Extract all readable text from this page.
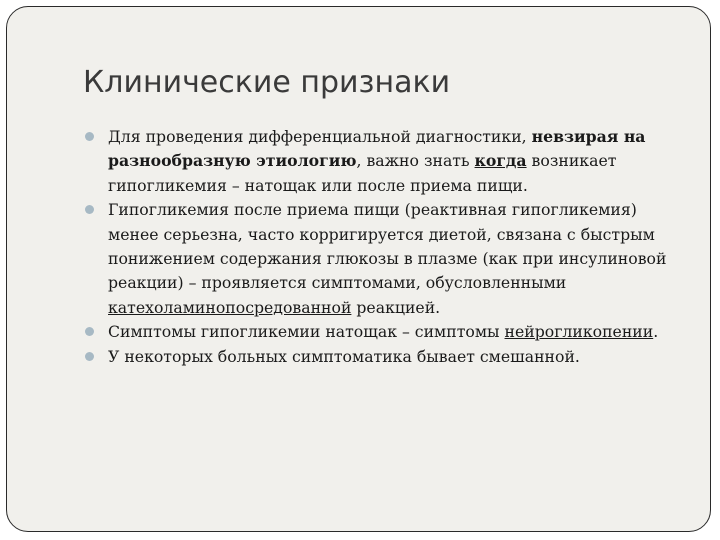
Клинические признаки
Для проведения дифференциальной диагностики, невзирая на разнообразную этиологию, важно знать когда возникает гипогликемия – натощак или после приема пищи.
Гипогликемия после приема пищи (реактивная гипогликемия) менее серьезна, часто корригируется диетой, связана с быстрым понижением содержания глюкозы в плазме (как при инсулиновой реакции) – проявляется симптомами, обусловленными катехоламинопосредованной реакцией.
Симптомы гипогликемии натощак – симптомы нейрогликопении.
У некоторых больных симптоматика бывает смешанной.
